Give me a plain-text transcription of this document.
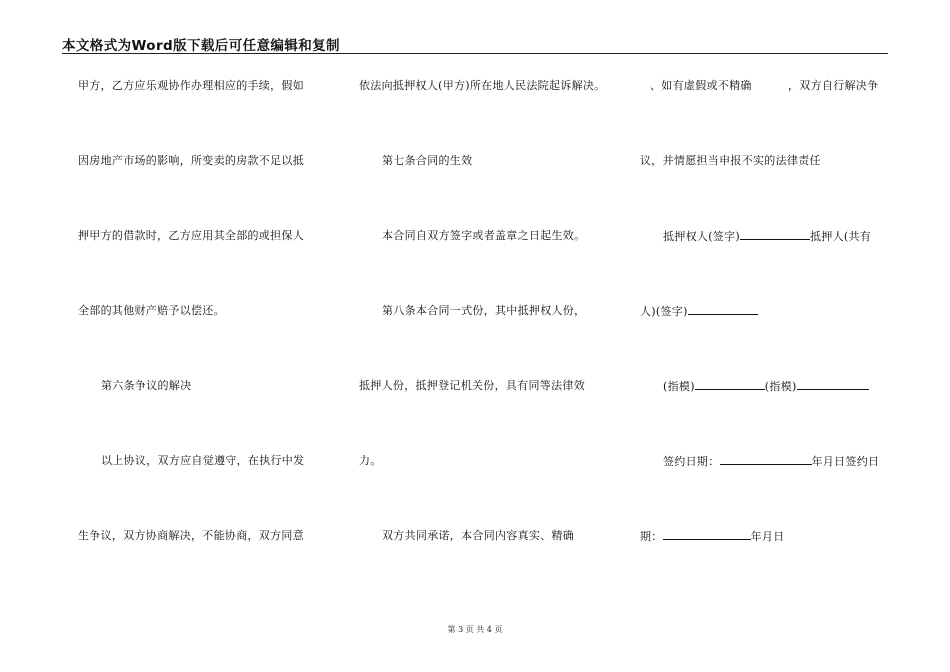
本文格式为Word版下载后可任意编辑和复制
甲方，乙方应乐观协作办理相应的手续，假如
因房地产市场的影响，所变卖的房款不足以抵
押甲方的借款时，乙方应用其全部的或担保人
全部的其他财产赔予以偿还。
第六条争议的解决
以上协议，双方应自觉遵守，在执行中发
生争议，双方协商解决，不能协商，双方同意
依法向抵押权人(甲方)所在地人民法院起诉解决。
第七条合同的生效
本合同自双方签字或者盖章之日起生效。
第八条本合同一式份，其中抵押权人份，
抵押人份，抵押登记机关份，具有同等法律效
力。
双方共同承诺，本合同内容真实、精确
、如有虚假或不精确	，双方自行解决争
议，并情愿担当申报不实的法律责任
抵押权人(签字)	抵押人(共有
人)(签字)
(指模)	(指模)
签约日期：	年月日签约日
期：	年月日
第 3 页 共 4 页
